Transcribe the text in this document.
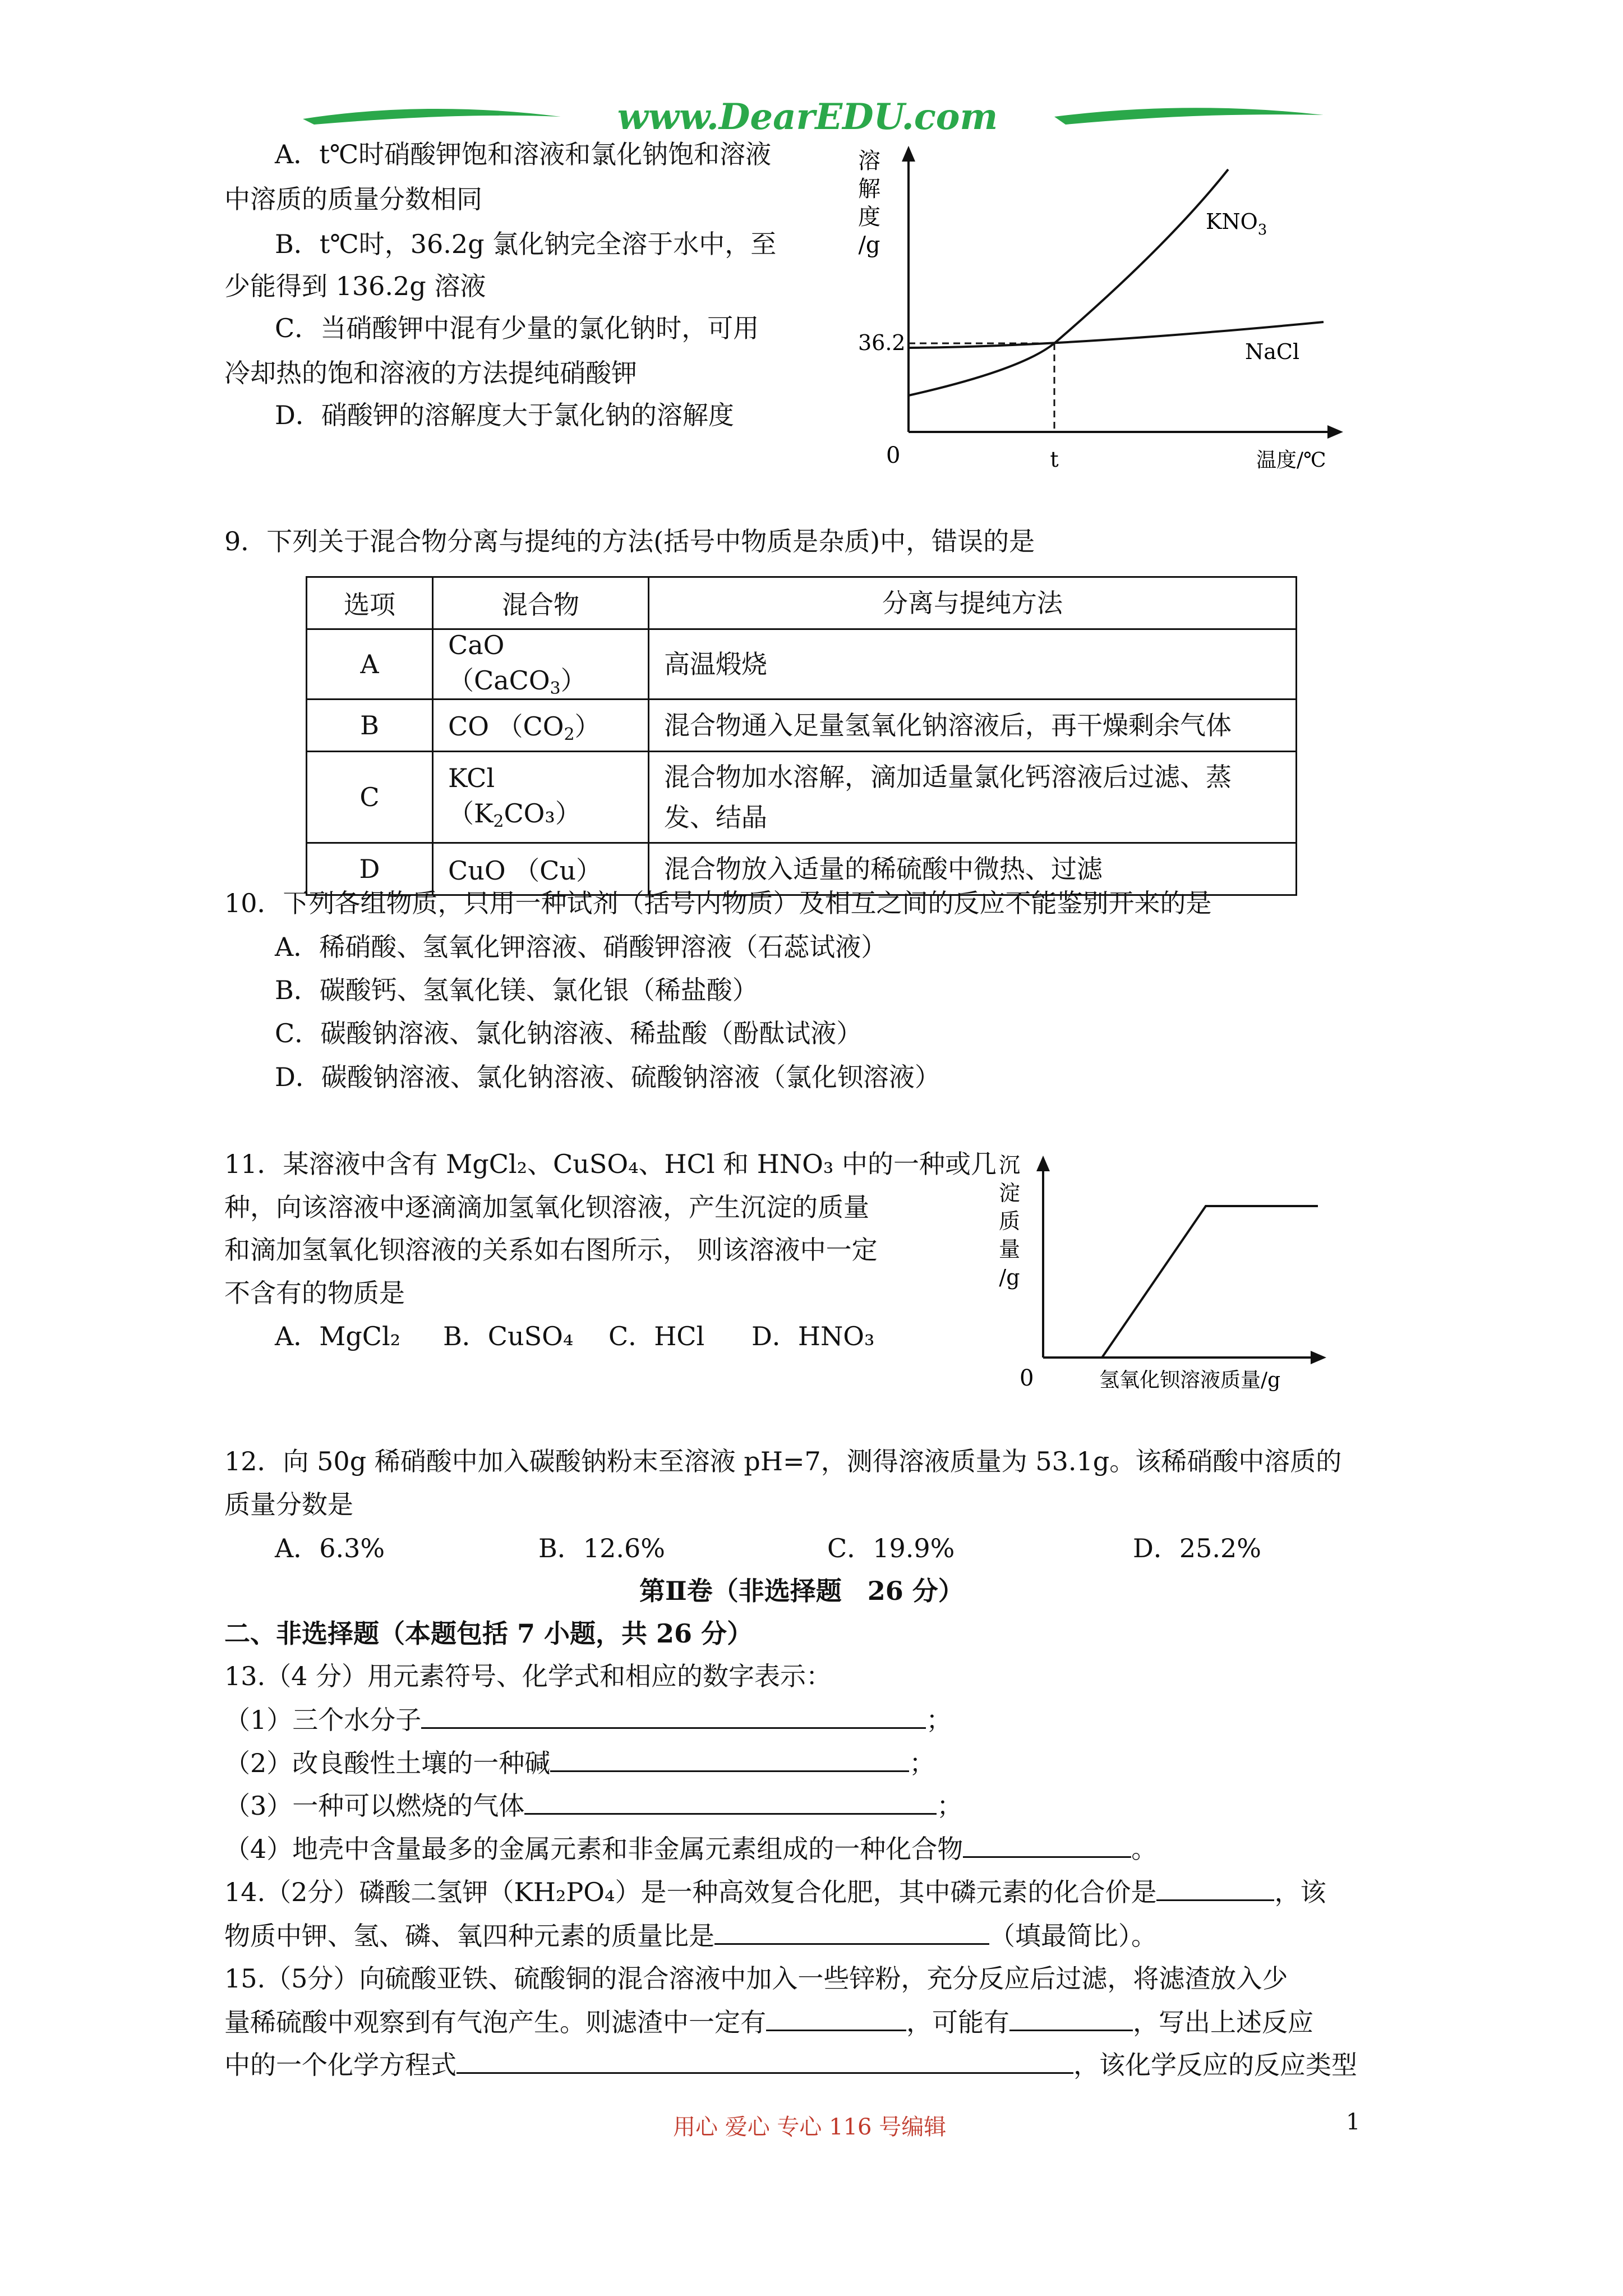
www.DearEDU.com
A．t℃时硝酸钾饱和溶液和氯化钠饱和溶液
中溶质的质量分数相同
B．t℃时，36.2g 氯化钠完全溶于水中，至
少能得到 136.2g 溶液
C．当硝酸钾中混有少量的氯化钠时，可用
冷却热的饱和溶液的方法提纯硝酸钾
D．硝酸钾的溶解度大于氯化钠的溶解度
溶
解
度
/g
36.2
t
0
$KNO_3$
NaCl
温度/℃
9．下列关于混合物分离与提纯的方法(括号中物质是杂质)中，错误的是
选项	混合物	分离与提纯方法
A	CaO （CaCO$_3$）	高温煅烧
B	CO $(CO_2)$	混合物通入足量氢氧化钠溶液后，再干燥剩余气体
C	KCl $(K_2CO_3)$	混合物加水溶解，滴加适量氯化钙溶液后过滤、蒸发、结晶
D	CuO （Cu）	混合物放入适量的稀硫酸中微热、过滤
10．下列各组物质，只用一种试剂（括号内物质）及相互之间的反应不能鉴别开来的是
A．稀硝酸、氢氧化钾溶液、硝酸钾溶液（石蕊试液）
B．碳酸钙、氢氧化镁、氯化银（稀盐酸）
C．碳酸钠溶液、氯化钠溶液、稀盐酸（酚酞试液）
D．碳酸钠溶液、氯化钠溶液、硫酸钠溶液（氯化钡溶液）
11．某溶液中含有 MgCl₂、CuSO₄、HCl 和 HNO₃ 中的一种或几
种，向该溶液中逐滴滴加氢氧化钡溶液，产生沉淀的质量
和滴加氢氧化钡溶液的关系如右图所示， 则该溶液中一定
不含有的物质是
A．MgCl₂ B．CuSO₄ C．HCl D．HNO₃
沉
淀
质
量
/g
0	氢氧化钡溶液质量/g
12．向 50g 稀硝酸中加入碳酸钠粉末至溶液 pH=7，测得溶液质量为 53.1g。该稀硝酸中溶质的
质量分数是
A．6.3%	B．12.6%	C．19.9%	D．25.2%
第Ⅱ卷（非选择题　26 分）
二、非选择题（本题包括 7 小题，共 26 分）
13.（4 分）用元素符号、化学式和相应的数字表示：
（1）三个水分子	；
（2）改良酸性土壤的一种碱	；
（3）一种可以燃烧的气体	；
（4）地壳中含量最多的金属元素和非金属元素组成的一种化合物	。
14.（2分）磷酸二氢钾（KH₂PO₄）是一种高效复合化肥，其中磷元素的化合价是	，该
物质中钾、氢、磷、氧四种元素的质量比是	（填最简比）。
15.（5分）向硫酸亚铁、硫酸铜的混合溶液中加入一些锌粉，充分反应后过滤，将滤渣放入少
量稀硫酸中观察到有气泡产生。则滤渣中一定有	，可能有	，写出上述反应
中的一个化学方程式	，该化学反应的反应类型
用心 爱心 专心 116 号编辑	1
